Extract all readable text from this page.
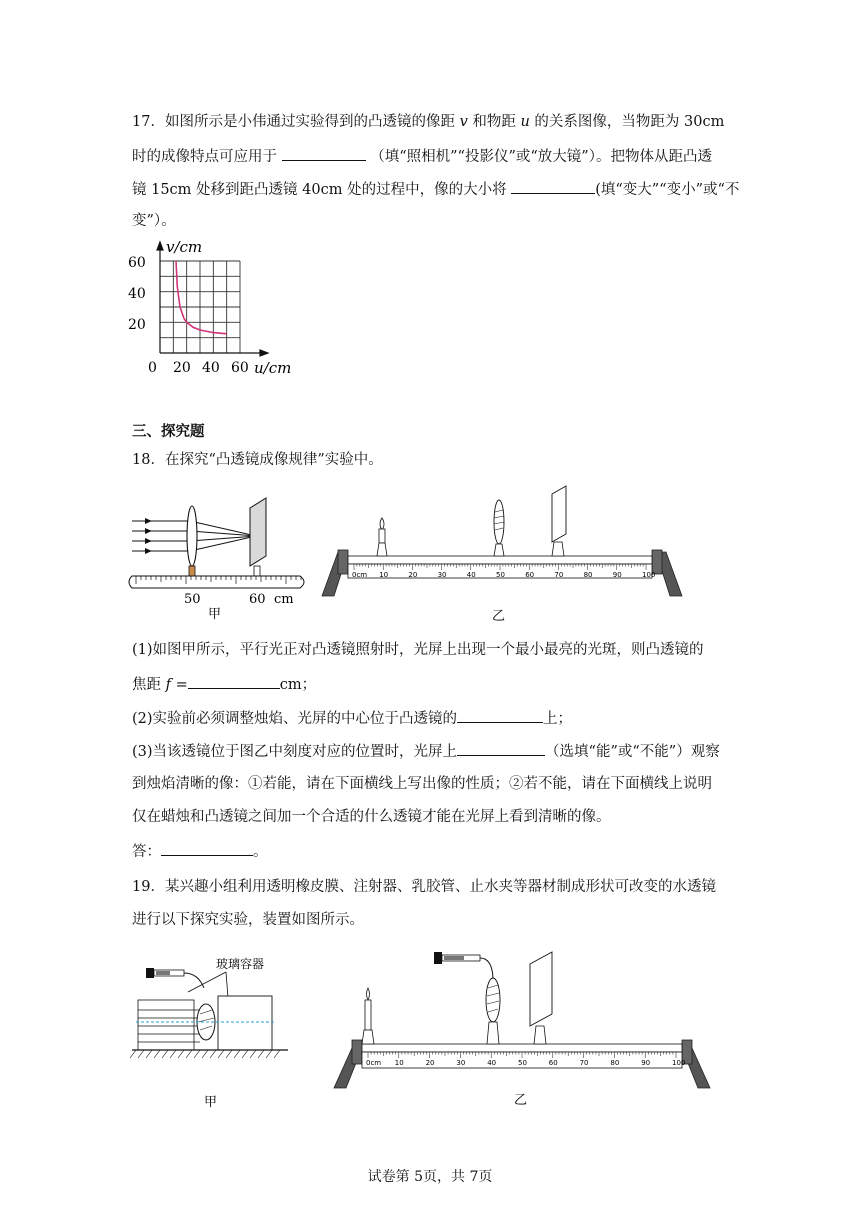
17．如图所示是小伟通过实验得到的凸透镜的像距 v 和物距 u 的关系图像，当物距为 30cm
时的成像特点可应用于	（填“照相机”“投影仪”或“放大镜”）。把物体从距凸透
镜 15cm 处移到距凸透镜 40cm 处的过程中，像的大小将	(填“变大”“变小”或“不
变”）。
v/cm
60
40
20
0 20 40 60 u/cm
三、探究题
18．在探究“凸透镜成像规律”实验中。
50	60 cm
甲
0cm 10	20	30	40	50	60	70	80	90	100
乙
(1)如图甲所示，平行光正对凸透镜照射时，光屏上出现一个最小最亮的光斑，则凸透镜的
焦距 f =	cm；
(2)实验前必须调整烛焰、光屏的中心位于凸透镜的	上；
(3)当该透镜位于图乙中刻度对应的位置时，光屏上	（选填“能”或“不能”）观察
到烛焰清晰的像：①若能，请在下面横线上写出像的性质；②若不能，请在下面横线上说明
仅在蜡烛和凸透镜之间加一个合适的什么透镜才能在光屏上看到清晰的像。
答：	。
19．某兴趣小组利用透明橡皮膜、注射器、乳胶管、止水夹等器材制成形状可改变的水透镜
进行以下探究实验，装置如图所示。
玻璃容器
甲
0cm 10	20	30	40	50	60	70	80	90	100
乙
试卷第 5页，共 7页
